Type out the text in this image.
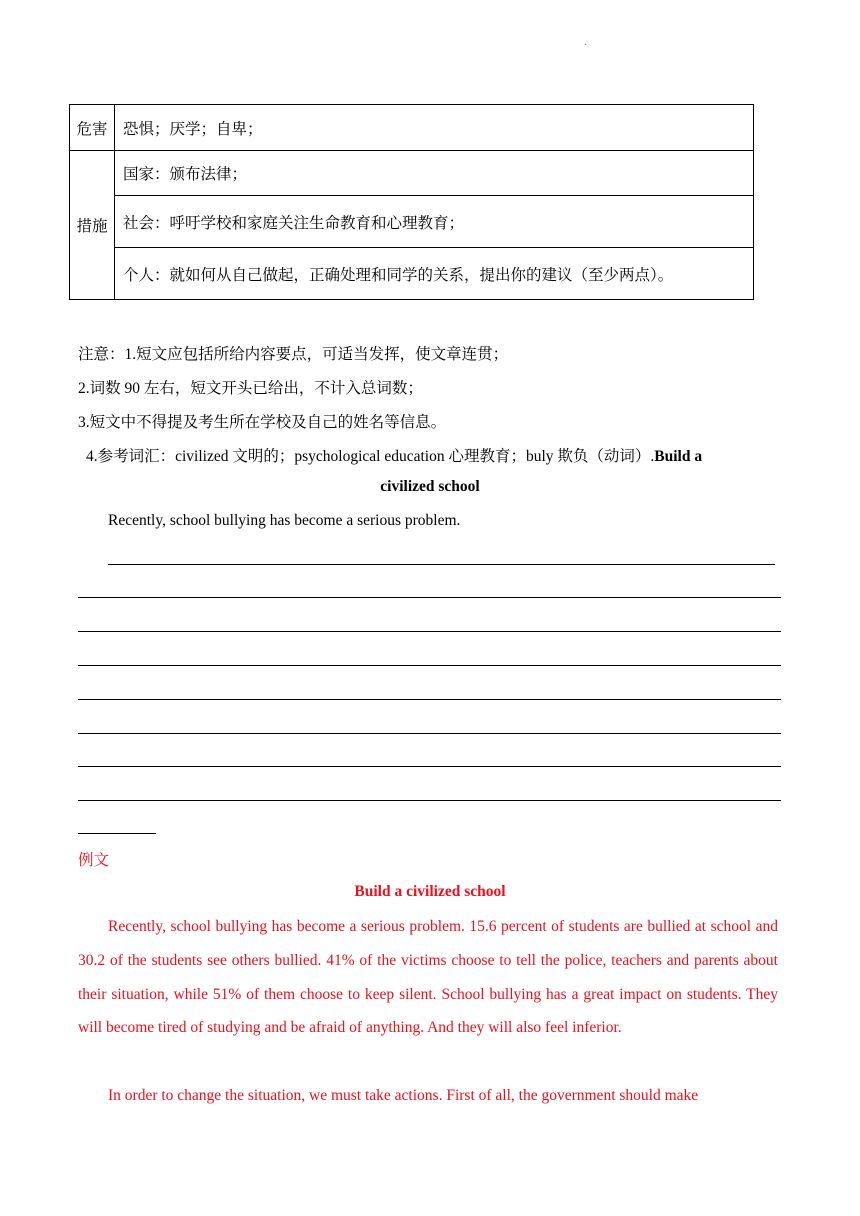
·
危害	恐惧；厌学；自卑；
措施	国家：颁布法律；
	社会：呼吁学校和家庭关注生命教育和心理教育；
	个人：就如何从自己做起，正确处理和同学的关系，提出你的建议（至少两点）。
注意：1.短文应包括所给内容要点，可适当发挥，使文章连贯；
2.词数 90 左右，短文开头已给出，不计入总词数；
3.短文中不得提及考生所在学校及自己的姓名等信息。
4.参考词汇：civilized 文明的；psychological education 心理教育；buly 欺负（动词）.Build a
civilized school
Recently, school bullying has become a serious problem.
例文
Build a civilized school
Recently, school bullying has become a serious problem. 15.6 percent of students are bullied at school and 30.2 of the students see others bullied. 41% of the victims choose to tell the police, teachers and parents about their situation, while 51% of them choose to keep silent. School bullying has a great impact on students. They will become tired of studying and be afraid of anything. And they will also feel inferior.
In order to change the situation, we must take actions. First of all, the government should make
